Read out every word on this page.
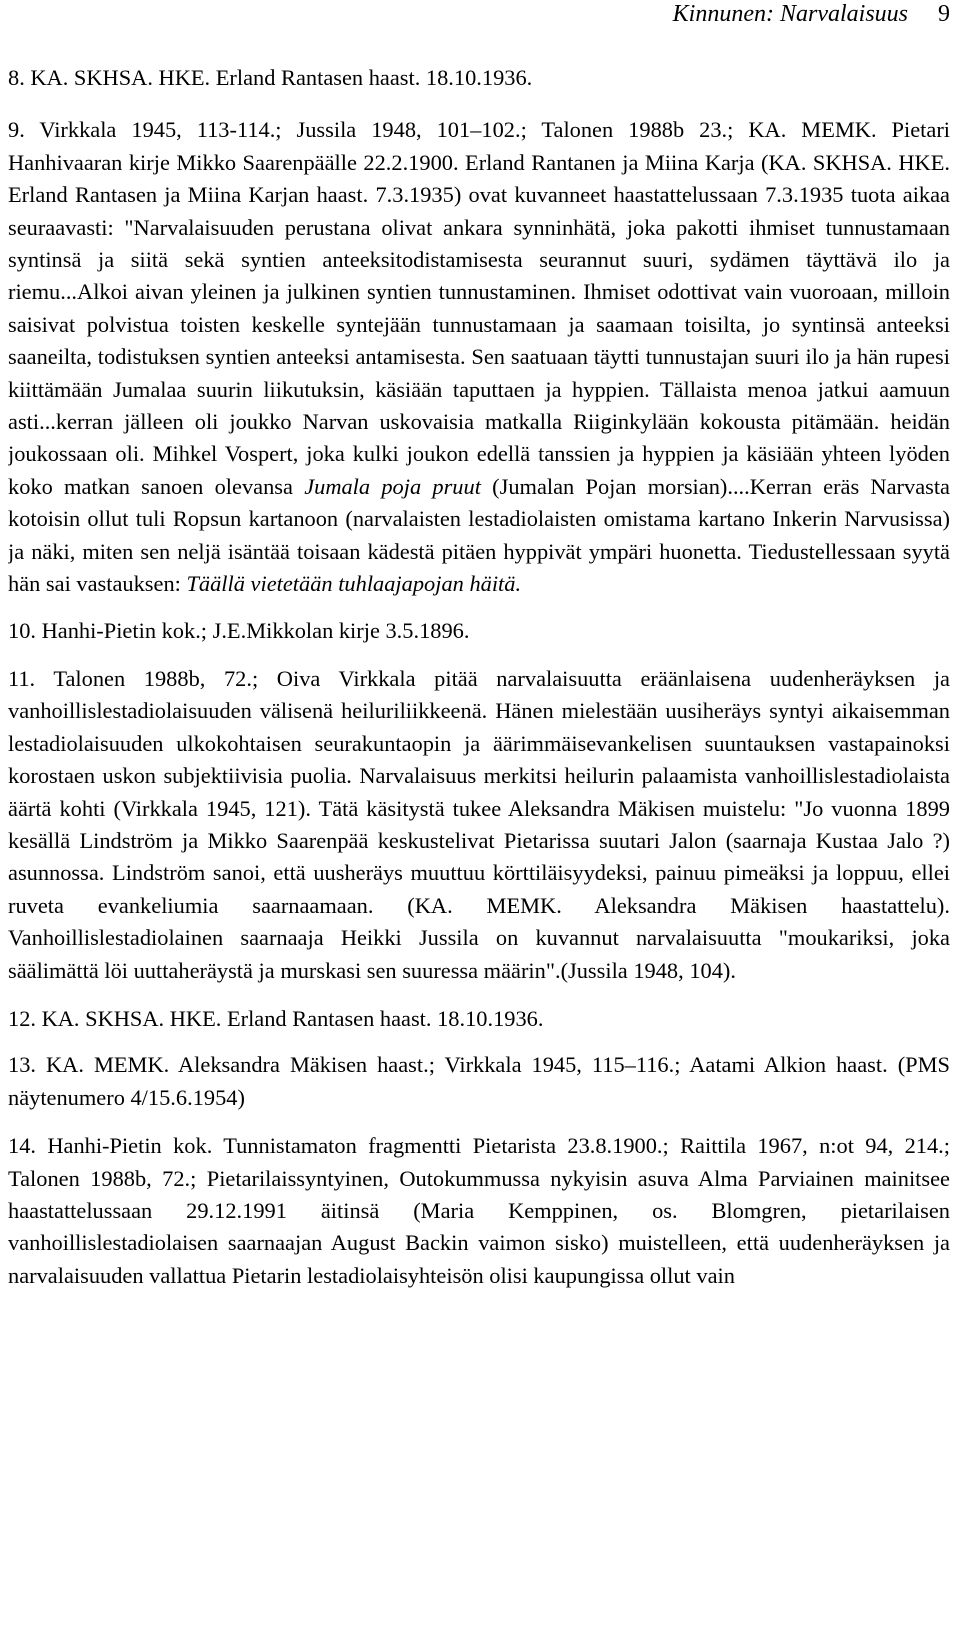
Kinnunen: Narvalaisuus 9

8. KA. SKHSA. HKE. Erland Rantasen haast. 18.10.1936.

9. Virkkala 1945, 113-114.; Jussila 1948, 101–102.; Talonen 1988b 23.; KA. MEMK. Pietari Hanhivaaran kirje Mikko Saarenpäälle 22.2.1900. Erland Rantanen ja Miina Karja (KA. SKHSA. HKE. Erland Rantasen ja Miina Karjan haast. 7.3.1935) ovat kuvanneet haastattelussaan 7.3.1935 tuota aikaa seuraavasti: "Narvalaisuuden perustana olivat ankara synninhätä, joka pakotti ihmiset tunnustamaan syntinsä ja siitä sekä syntien anteeksitodistamisesta seurannut suuri, sydämen täyttävä ilo ja riemu...Alkoi aivan yleinen ja julkinen syntien tunnustaminen. Ihmiset odottivat vain vuoroaan, milloin saisivat polvistua toisten keskelle syntejään tunnustamaan ja saamaan toisilta, jo syntinsä anteeksi saaneilta, todistuksen syntien anteeksi antamisesta. Sen saatuaan täytti tunnustajan suuri ilo ja hän rupesi kiittämään Jumalaa suurin liikutuksin, käsiään taputtaen ja hyppien. Tällaista menoa jatkui aamuun asti...kerran jälleen oli joukko Narvan uskovaisia matkalla Riiginkylään kokousta pitämään. heidän joukossaan oli. Mihkel Vospert, joka kulki joukon edellä tanssien ja hyppien ja käsiään yhteen lyöden koko matkan sanoen olevansa Jumala poja pruut (Jumalan Pojan morsian)....Kerran eräs Narvasta kotoisin ollut tuli Ropsun kartanoon (narvalaisten lestadiolaisten omistama kartano Inkerin Narvusissa) ja näki, miten sen neljä isäntää toisaan kädestä pitäen hyppivät ympäri huonetta. Tiedustellessaan syytä hän sai vastauksen: Täällä vietetään tuhlaajapojan häitä.

10. Hanhi-Pietin kok.; J.E.Mikkolan kirje 3.5.1896.

11. Talonen 1988b, 72.; Oiva Virkkala pitää narvalaisuutta eräänlaisena uudenheräyksen ja vanhoillislestadiolaisuuden välisenä heiluriliikkeenä. Hänen mielestään uusiheräys syntyi aikaisemman lestadiolaisuuden ulkokohtaisen seurakuntaopin ja äärimmäisevankelisen suuntauksen vastapainoksi korostaen uskon subjektiivisia puolia. Narvalaisuus merkitsi heilurin palaamista vanhoillislestadiolaista äärtä kohti (Virkkala 1945, 121). Tätä käsitystä tukee Aleksandra Mäkisen muistelu: "Jo vuonna 1899 kesällä Lindström ja Mikko Saarenpää keskustelivat Pietarissa suutari Jalon (saarnaja Kustaa Jalo ?) asunnossa. Lindström sanoi, että uusheräys muuttuu körttiläisyydeksi, painuu pimeäksi ja loppuu, ellei ruveta evankeliumia saarnaamaan. (KA. MEMK. Aleksandra Mäkisen haastattelu). Vanhoillislestadiolainen saarnaaja Heikki Jussila on kuvannut narvalaisuutta "moukariksi, joka säälimättä löi uuttaheräystä ja murskasi sen suuressa määrin".(Jussila 1948, 104).

12. KA. SKHSA. HKE. Erland Rantasen haast. 18.10.1936.

13. KA. MEMK. Aleksandra Mäkisen haast.; Virkkala 1945, 115–116.; Aatami Alkion haast. (PMS näytenumero 4/15.6.1954)

14. Hanhi-Pietin kok. Tunnistamaton fragmentti Pietarista 23.8.1900.; Raittila 1967, n:ot 94, 214.; Talonen 1988b, 72.; Pietarilaissyntyinen, Outokummussa nykyisin asuva Alma Parviainen mainitsee haastattelussaan 29.12.1991 äitinsä (Maria Kemppinen, os. Blomgren, pietarilaisen vanhoillislestadiolaisen saarnaajan August Backin vaimon sisko) muistelleen, että uudenheräyksen ja narvalaisuuden vallattua Pietarin lestadiolaisyhteisön olisi kaupungissa ollut vain
